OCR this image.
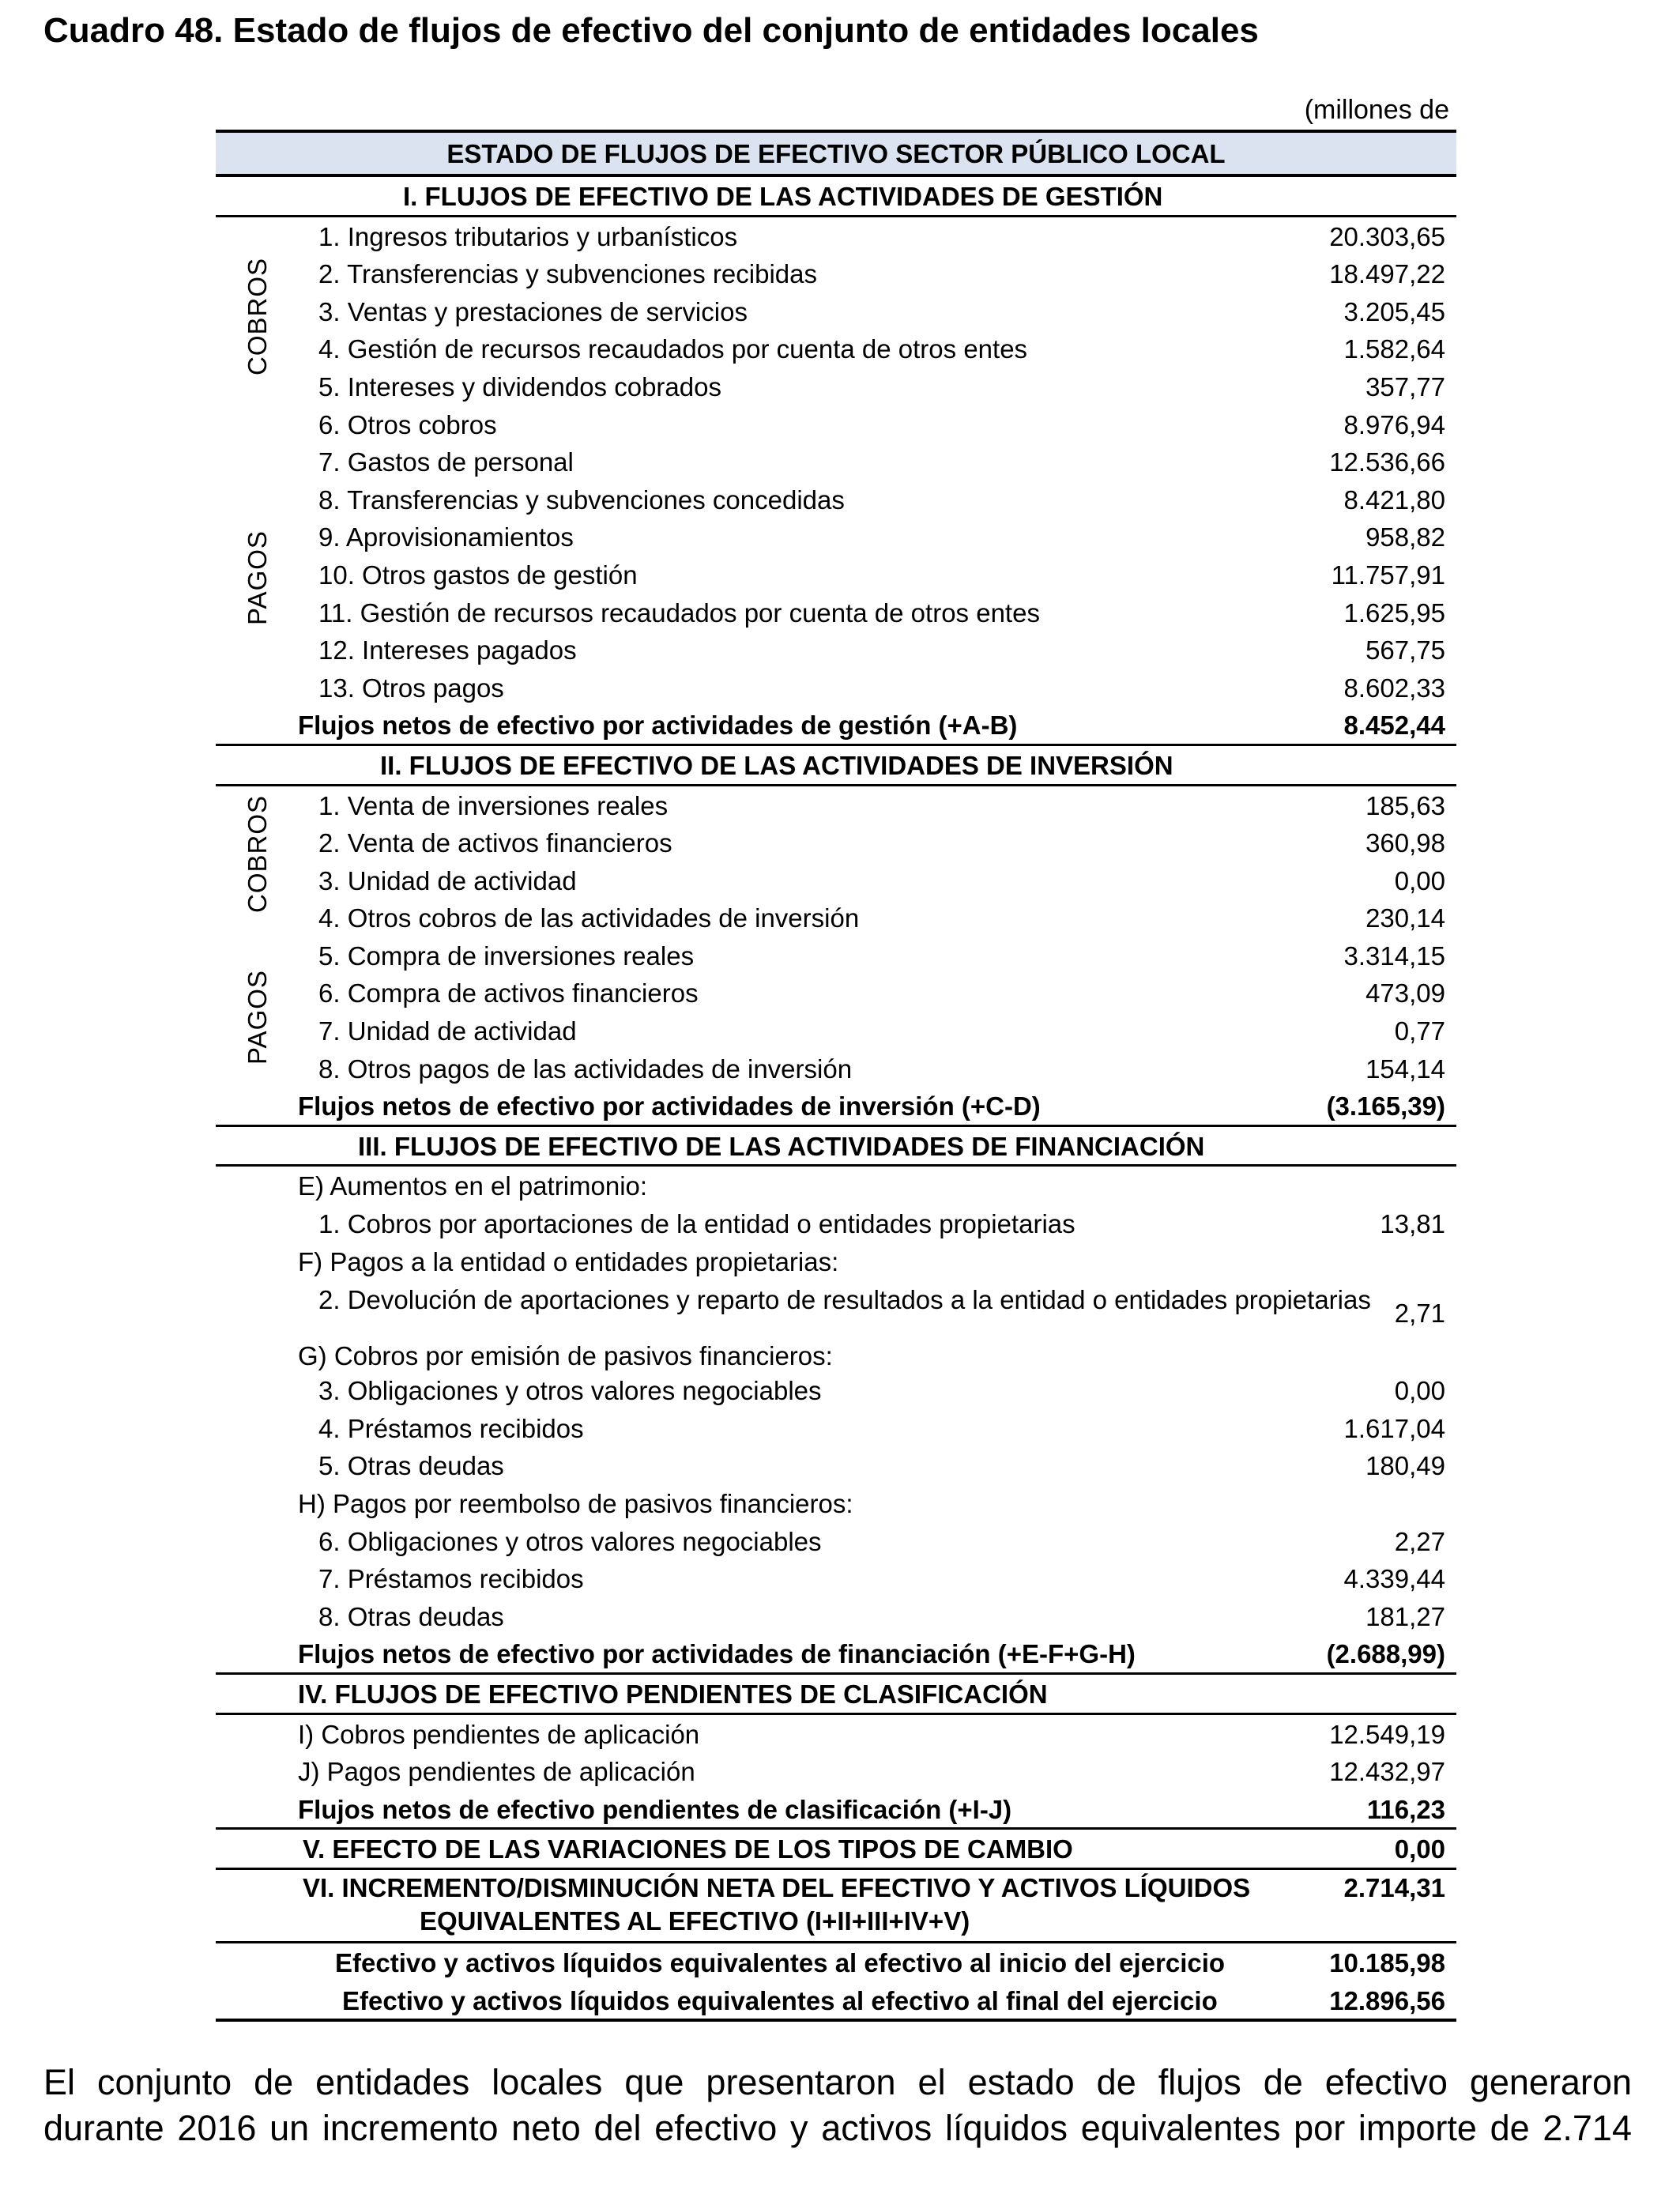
Cuadro 48. Estado de flujos de efectivo del conjunto de entidades locales
(millones de
ESTADO DE FLUJOS DE EFECTIVO SECTOR PÚBLICO LOCAL
I. FLUJOS DE EFECTIVO DE LAS ACTIVIDADES DE GESTIÓN
COBROS
PAGOS
1. Ingresos tributarios y urbanísticos	20.303,65
2. Transferencias y subvenciones recibidas	18.497,22
3. Ventas y prestaciones de servicios	3.205,45
4. Gestión de recursos recaudados por cuenta de otros entes	1.582,64
5. Intereses y dividendos cobrados	357,77
6. Otros cobros	8.976,94
7. Gastos de personal	12.536,66
8. Transferencias y subvenciones concedidas	8.421,80
9. Aprovisionamientos	958,82
10. Otros gastos de gestión	11.757,91
11. Gestión de recursos recaudados por cuenta de otros entes	1.625,95
12. Intereses pagados	567,75
13. Otros pagos	8.602,33
Flujos netos de efectivo por actividades de gestión (+A-B)	8.452,44
II. FLUJOS DE EFECTIVO DE LAS ACTIVIDADES DE INVERSIÓN
COBROS
PAGOS
1. Venta de inversiones reales	185,63
2. Venta de activos financieros	360,98
3. Unidad de actividad	0,00
4. Otros cobros de las actividades de inversión	230,14
5. Compra de inversiones reales	3.314,15
6. Compra de activos financieros	473,09
7. Unidad de actividad	0,77
8. Otros pagos de las actividades de inversión	154,14
Flujos netos de efectivo por actividades de inversión (+C-D)	(3.165,39)
III. FLUJOS DE EFECTIVO DE LAS ACTIVIDADES DE FINANCIACIÓN
E) Aumentos en el patrimonio:
1. Cobros por aportaciones de la entidad o entidades propietarias	13,81
F) Pagos a la entidad o entidades propietarias:
2. Devolución de aportaciones y reparto de resultados a la entidad o entidades propietarias 2,71
G) Cobros por emisión de pasivos financieros:
3. Obligaciones y otros valores negociables	0,00
4. Préstamos recibidos	1.617,04
5. Otras deudas	180,49
H) Pagos por reembolso de pasivos financieros:
6. Obligaciones y otros valores negociables	2,27
7. Préstamos recibidos	4.339,44
8. Otras deudas	181,27
Flujos netos de efectivo por actividades de financiación (+E-F+G-H)	(2.688,99)
IV. FLUJOS DE EFECTIVO PENDIENTES DE CLASIFICACIÓN
I) Cobros pendientes de aplicación	12.549,19
J) Pagos pendientes de aplicación	12.432,97
Flujos netos de efectivo pendientes de clasificación (+I-J)	116,23
V. EFECTO DE LAS VARIACIONES DE LOS TIPOS DE CAMBIO	0,00
VI. INCREMENTO/DISMINUCIÓN NETA DEL EFECTIVO Y ACTIVOS LÍQUIDOS
EQUIVALENTES AL EFECTIVO (I+II+III+IV+V)
2.714,31
Efectivo y activos líquidos equivalentes al efectivo al inicio del ejercicio	10.185,98
Efectivo y activos líquidos equivalentes al efectivo al final del ejercicio	12.896,56
El conjunto de entidades locales que presentaron el estado de flujos de efectivo generaron
durante 2016 un incremento neto del efectivo y activos líquidos equivalentes por importe de 2.714
